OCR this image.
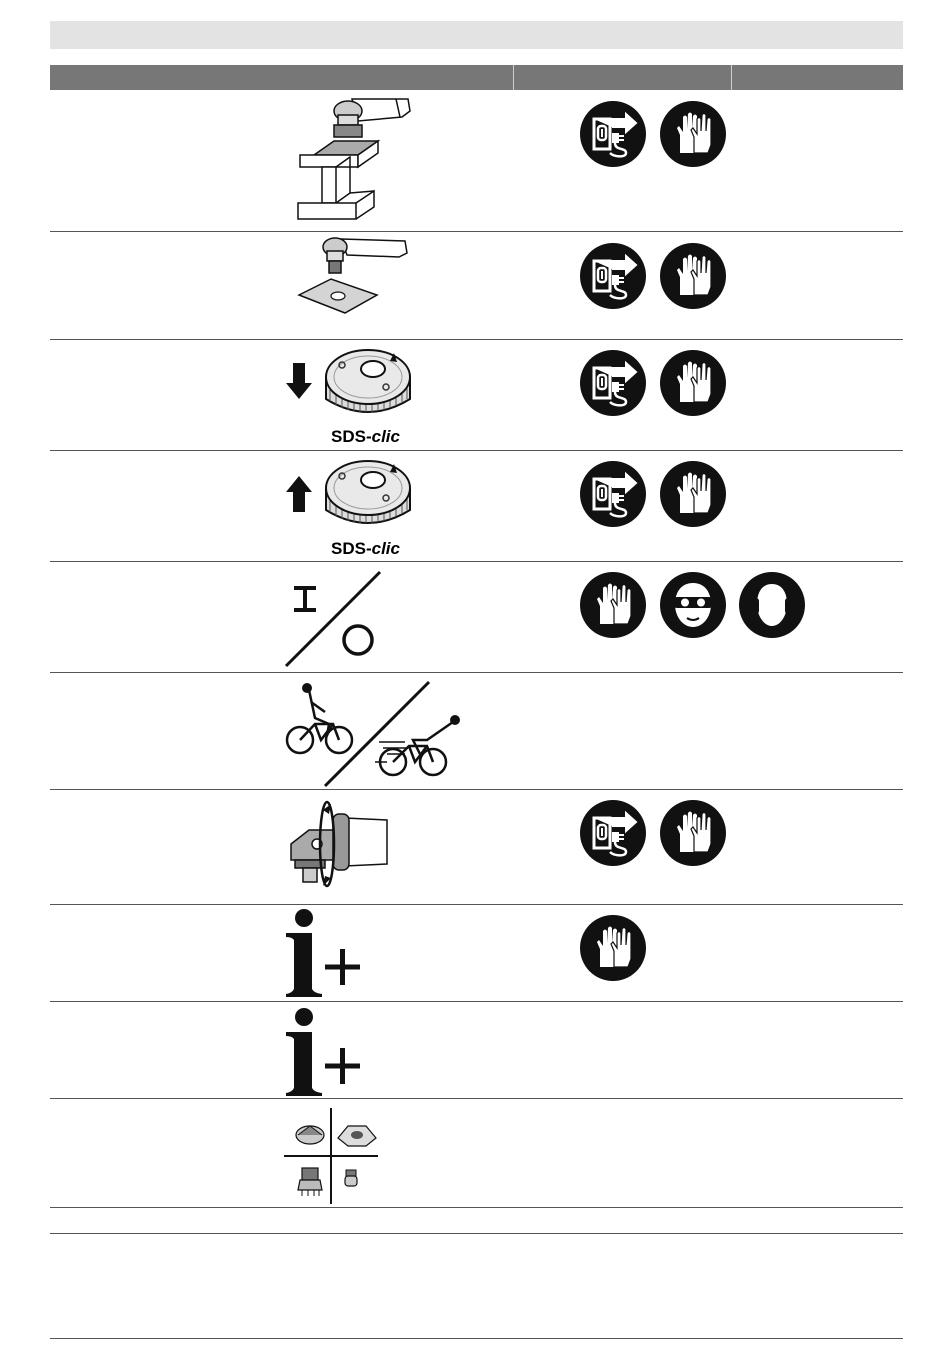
SDS-clic
SDS-clic
